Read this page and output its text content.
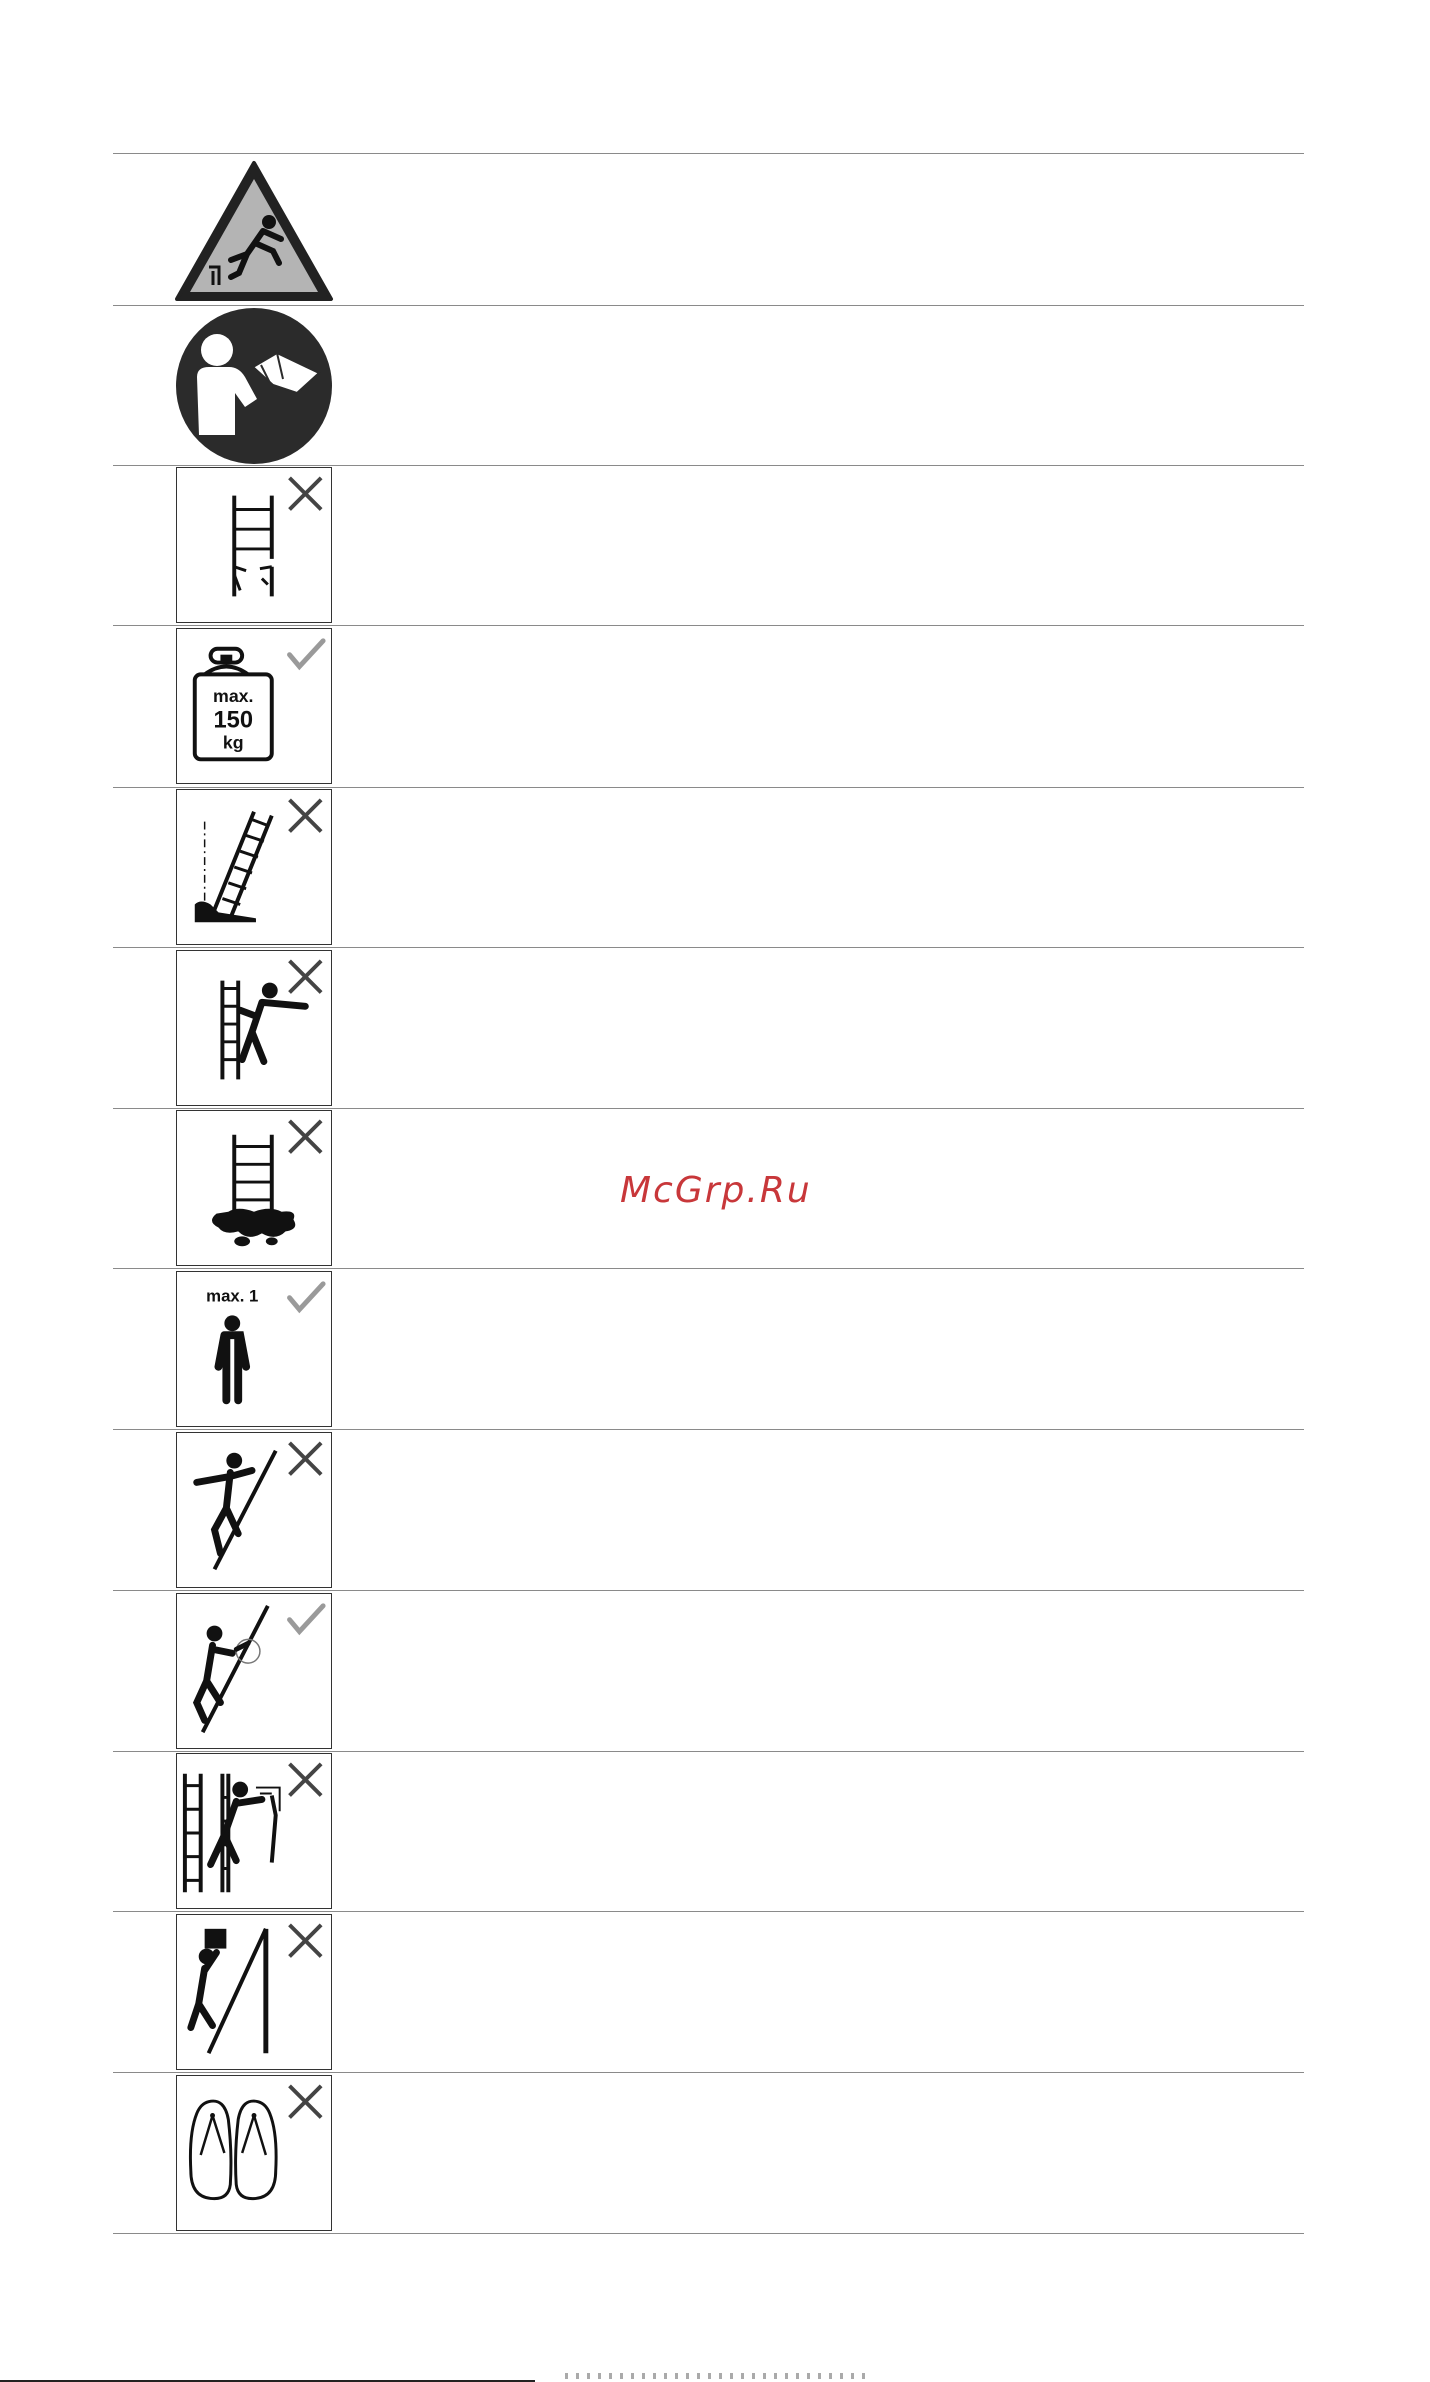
max.
150
kg
max. 1
McGrp.Ru
